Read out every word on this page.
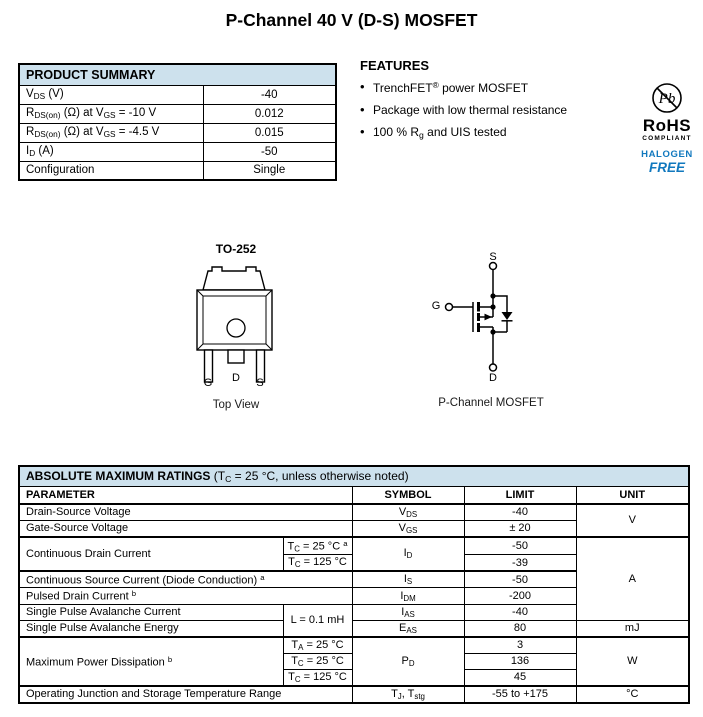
P-Channel 40 V (D-S) MOSFET
PRODUCT SUMMARY	
$V_{DS}$ (V)	-40
$R_{DS(on)}$ (Ω) at $V_{GS} = -10$ V	0.012
$R_{DS(on)}$ (Ω) at $V_{GS} = -4.5$ V	0.015
$I_D$ (A)	-50
Configuration	Single
FEATURES
• TrenchFET® power MOSFET
• Package with low thermal resistance
• 100 % $R_g$ and UIS tested
Pb
RoHS
COMPLIANT
HALOGEN
FREE
TO-252
G	D	S
Top View
S
G
D
P-Channel MOSFET
ABSOLUTE MAXIMUM RATINGS ($T_C = 25$ °C, unless otherwise noted)				
PARAMETER		SYMBOL	LIMIT	UNIT
Drain-Source Voltage		$V_{DS}$	-40	V
Gate-Source Voltage		$V_{GS}$	± 20	
Continuous Drain Current	$T_C = 25$ °C $^a$	$I_D$	-50	A
	$T_C = 125$ °C		-39	
Continuous Source Current (Diode Conduction) $^a$		$I_S$	-50	
Pulsed Drain Current $^b$		$I_{DM}$	-200	
Single Pulse Avalanche Current	L = 0.1 mH	$I_{AS}$	-40	
Single Pulse Avalanche Energy		$E_{AS}$	80	mJ
Maximum Power Dissipation $^b$	$T_A = 25$ °C	$P_D$	3	W
	$T_C = 25$ °C		136	
	$T_C = 125$ °C		45	
Operating Junction and Storage Temperature Range		$T_J$, $T_{stg}$	-55 to +175	°C
